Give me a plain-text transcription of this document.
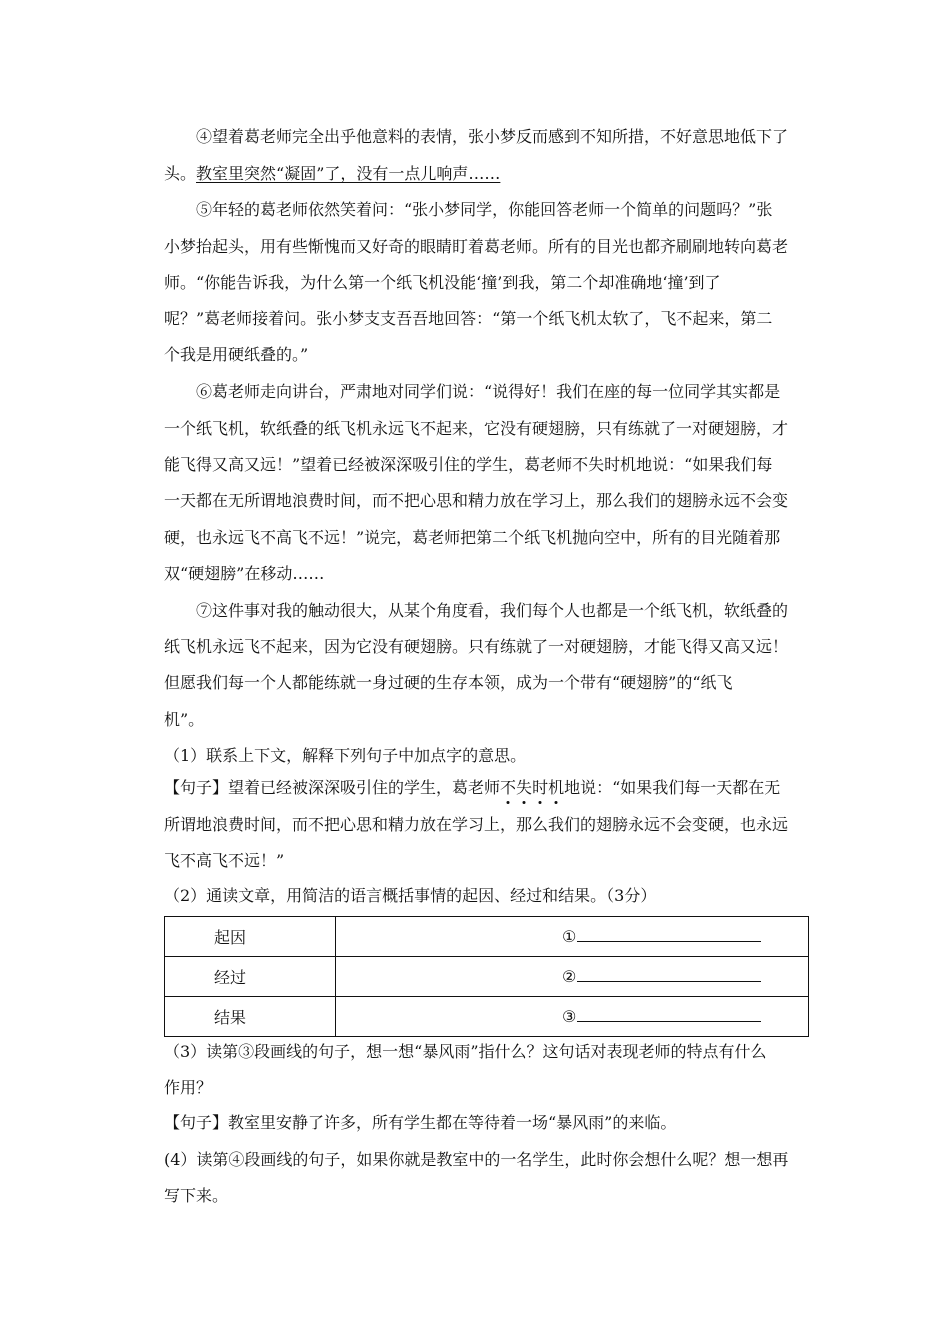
④望着葛老师完全出乎他意料的表情，张小梦反而感到不知所措，不好意思地低下了
头。教室里突然“凝固”了，没有一点儿响声……
⑤年轻的葛老师依然笑着问：“张小梦同学，你能回答老师一个简单的问题吗？”张
小梦抬起头，用有些惭愧而又好奇的眼睛盯着葛老师。所有的目光也都齐刷刷地转向葛老
师。“你能告诉我，为什么第一个纸飞机没能‘撞’到我，第二个却准确地‘撞’到了
呢？”葛老师接着问。张小梦支支吾吾地回答：“第一个纸飞机太软了，飞不起来，第二
个我是用硬纸叠的。”
⑥葛老师走向讲台，严肃地对同学们说：“说得好！我们在座的每一位同学其实都是
一个纸飞机，软纸叠的纸飞机永远飞不起来，它没有硬翅膀，只有练就了一对硬翅膀，才
能飞得又高又远！”望着已经被深深吸引住的学生，葛老师不失时机地说：“如果我们每
一天都在无所谓地浪费时间，而不把心思和精力放在学习上，那么我们的翅膀永远不会变
硬，也永远飞不高飞不远！”说完，葛老师把第二个纸飞机抛向空中，所有的目光随着那
双“硬翅膀”在移动……
⑦这件事对我的触动很大，从某个角度看，我们每个人也都是一个纸飞机，软纸叠的
纸飞机永远飞不起来，因为它没有硬翅膀。只有练就了一对硬翅膀，才能飞得又高又远！
但愿我们每一个人都能练就一身过硬的生存本领，成为一个带有“硬翅膀”的“纸飞
机”。
（1）联系上下文，解释下列句子中加点字的意思。
【句子】望着已经被深深吸引住的学生，葛老师不
失
时
机
地说：“如果我们每一天都在无
所谓地浪费时间，而不把心思和精力放在学习上，那么我们的翅膀永远不会变硬，也永远
飞不高飞不远！”
（2）通读文章，用简洁的语言概括事情的起因、经过和结果。（3分）
起因	①
经过	②
结果	③
（3）读第③段画线的句子，想一想“暴风雨”指什么？这句话对表现老师的特点有什么
作用？
【句子】教室里安静了许多，所有学生都在等待着一场“暴风雨”的来临。
(4）读第④段画线的句子，如果你就是教室中的一名学生，此时你会想什么呢？想一想再
写下来。
